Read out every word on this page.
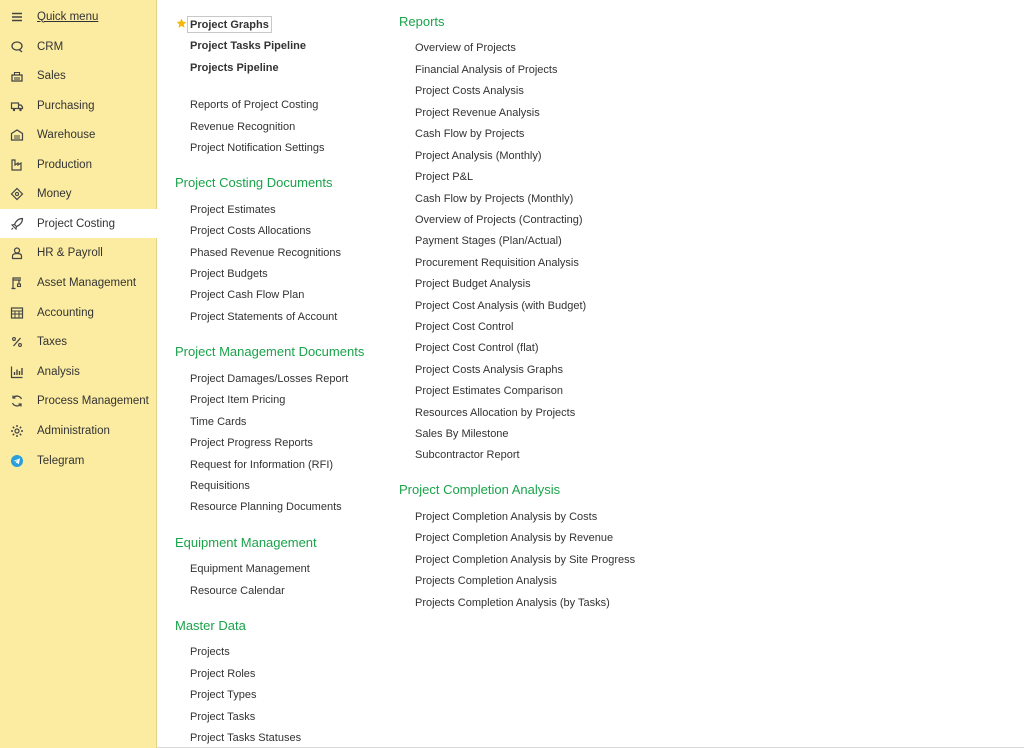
Quick menu
CRM
Sales
Purchasing
Warehouse
Production
Money
Project Costing
HR & Payroll
Asset Management
Accounting
Taxes
Analysis
Process Management
Administration
Telegram
Project Graphs
Project Tasks Pipeline
Projects Pipeline
Reports of Project Costing
Revenue Recognition
Project Notification Settings
Project Costing Documents
Project Estimates
Project Costs Allocations
Phased Revenue Recognitions
Project Budgets
Project Cash Flow Plan
Project Statements of Account
Project Management Documents
Project Damages/Losses Report
Project Item Pricing
Time Cards
Project Progress Reports
Request for Information (RFI)
Requisitions
Resource Planning Documents
Equipment Management
Equipment Management
Resource Calendar
Master Data
Projects
Project Roles
Project Types
Project Tasks
Project Tasks Statuses
Reports
Overview of Projects
Financial Analysis of Projects
Project Costs Analysis
Project Revenue Analysis
Cash Flow by Projects
Project Analysis (Monthly)
Project P&L
Cash Flow by Projects (Monthly)
Overview of Projects (Contracting)
Payment Stages (Plan/Actual)
Procurement Requisition Analysis
Project Budget Analysis
Project Cost Analysis (with Budget)
Project Cost Control
Project Cost Control (flat)
Project Costs Analysis Graphs
Project Estimates Comparison
Resources Allocation by Projects
Sales By Milestone
Subcontractor Report
Project Completion Analysis
Project Completion Analysis by Costs
Project Completion Analysis by Revenue
Project Completion Analysis by Site Progress
Projects Completion Analysis
Projects Completion Analysis (by Tasks)
